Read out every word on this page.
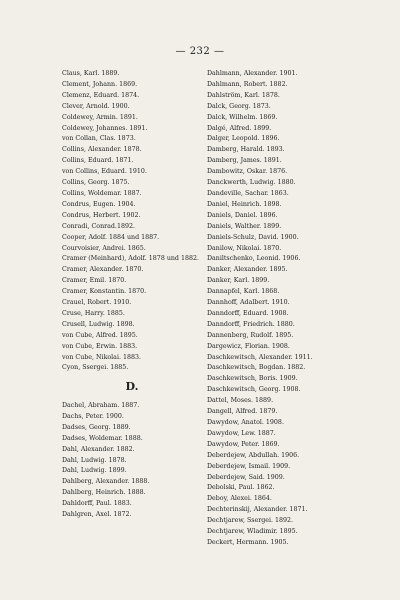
— 232 —
Claus, Karl. 1889.
Clement, Johann. 1869.
Clemenz, Eduard. 1874.
Clever, Arnold. 1900.
Coldewey, Armin. 1891.
Coldewey, Johannes. 1891.
von Collan, Clas. 1873.
Collins, Alexander. 1878.
Collins, Eduard. 1871.
von Collins, Eduard. 1910.
Collins, Georg. 1875.
Collins, Woldemar. 1887.
Condrus, Eugen. 1904.
Condrus, Herbert. 1902.
Conradi, Conrad.1892.
Cooper, Adolf. 1884 und 1887.
Courvoisier, Andrei. 1865.
Cramer (Meinhard), Adolf. 1878 und 1882.
Cramer, Alexander. 1870.
Cramer, Emil. 1870.
Cramer, Konstantin. 1870.
Crauel, Robert. 1910.
Cruse, Harry. 1885.
Crusell, Ludwig. 1898.
von Cube, Alfred. 1895.
von Cube, Erwin. 1883.
von Cube, Nikolai. 1883.
Cyon, Ssergei. 1885.
D.
Dachel, Abraham. 1887.
Dachs, Peter. 1900.
Dadses, Georg. 1889.
Dadses, Woldemar. 1888.
Dahl, Alexander. 1882.
Dahl, Ludwig. 1878.
Dahl, Ludwig. 1899.
Dahlberg, Alexander. 1888.
Dahlberg, Heinrich. 1888.
Dahldorff, Paul. 1883.
Dahlgren, Axel. 1872.
Dahlmann, Alexander. 1901.
Dahlmann, Robert. 1882.
Dahlström, Karl. 1878.
Dalck, Georg. 1873.
Dalck, Wilhelm. 1869.
Dalgé, Alfred. 1899.
Dalger, Leopold. 1896.
Damberg, Harald. 1893.
Damberg, James. 1891.
Dambowitz, Oskar. 1876.
Danckwerth, Ludwig. 1880.
Dandeville, Sachar. 1863.
Daniel, Heinrich. 1898.
Daniels, Daniel. 1896.
Daniels, Walther. 1899.
Daniels-Schulz, David. 1900.
Danilow, Nikolai. 1870.
Daniltschenko, Leonid. 1906.
Danker, Alexander. 1895.
Danker, Karl. 1899.
Dannapfel, Karl. 1868.
Dannhoff, Adalbert. 1910.
Danndorff, Eduard. 1908.
Danndorff, Friedrich. 1880.
Dannenberg, Rudolf. 1895.
Dargewicz, Florian. 1908.
Daschkewitsch, Alexander. 1911.
Daschkewitsch, Bogdan. 1882.
Daschkewitsch, Boris. 1909.
Daschkewitsch, Georg. 1908.
Dattel, Moses. 1889.
Dangell, Alfred. 1879.
Dawydow, Anatol. 1908.
Dawydow, Lew. 1887.
Dawydow, Peter. 1869.
Deberdejew, Abdullah. 1906.
Deberdejew, Ismail. 1909.
Deberdejew, Said. 1909.
Debolski, Paul. 1862.
Deboy, Alexei. 1864.
Dechterinskij, Alexander. 1871.
Dechtjarew, Ssergei. 1892.
Dechtjarew, Wladimir. 1895.
Deckert, Hermann. 1905.
